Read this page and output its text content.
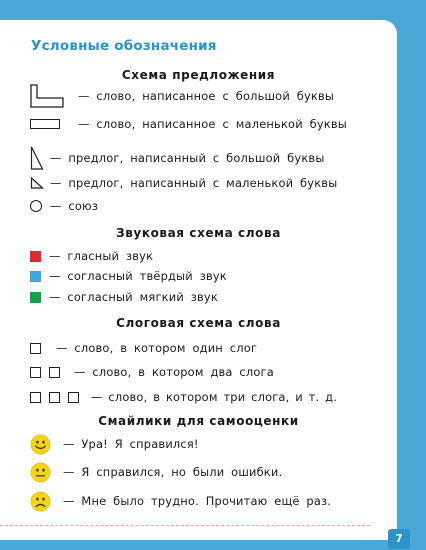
Условные обозначения
Схема предложения
— слово, написанное с большой буквы
— слово, написанное с маленькой буквы
— предлог, написанный с большой буквы
— предлог, написанный с маленькой буквы
— союз
Звуковая схема слова
— гласный звук
— согласный твёрдый звук
— согласный мягкий звук
Слоговая схема слова
— слово, в котором один слог
— слово, в котором два слога
— слово, в котором три слога, и т. д.
Смайлики для самооценки
— Ура! Я справился!
— Я справился, но были ошибки.
— Мне было трудно. Прочитаю ещё раз.
7
